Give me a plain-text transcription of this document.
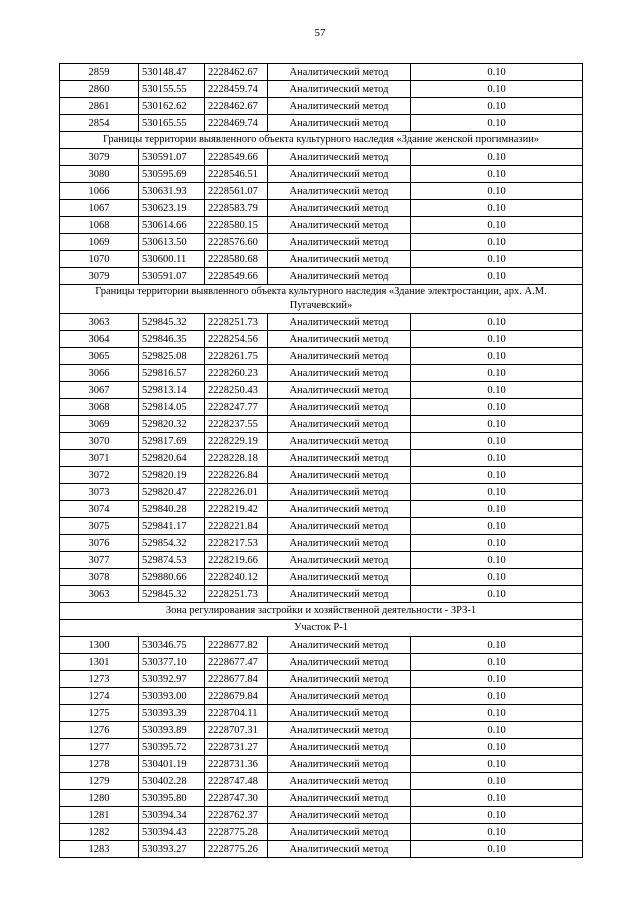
57
2859	530148.47	2228462.67	Аналитический метод	0.10
2860	530155.55	2228459.74	Аналитический метод	0.10
2861	530162.62	2228462.67	Аналитический метод	0.10
2854	530165.55	2228469.74	Аналитический метод	0.10
Границы территории выявленного объекта культурного наследия «Здание женской прогимназии»				
3079	530591.07	2228549.66	Аналитический метод	0.10
3080	530595.69	2228546.51	Аналитический метод	0.10
1066	530631.93	2228561.07	Аналитический метод	0.10
1067	530623.19	2228583.79	Аналитический метод	0.10
1068	530614.66	2228580.15	Аналитический метод	0.10
1069	530613.50	2228576.60	Аналитический метод	0.10
1070	530600.11	2228580.68	Аналитический метод	0.10
3079	530591.07	2228549.66	Аналитический метод	0.10
Границы территории выявленного объекта культурного наследия «Здание электростанции, арх. А.М. Пугачевский»				
3063	529845.32	2228251.73	Аналитический метод	0.10
3064	529846.35	2228254.56	Аналитический метод	0.10
3065	529825.08	2228261.75	Аналитический метод	0.10
3066	529816.57	2228260.23	Аналитический метод	0.10
3067	529813.14	2228250.43	Аналитический метод	0.10
3068	529814.05	2228247.77	Аналитический метод	0.10
3069	529820.32	2228237.55	Аналитический метод	0.10
3070	529817.69	2228229.19	Аналитический метод	0.10
3071	529820.64	2228228.18	Аналитический метод	0.10
3072	529820.19	2228226.84	Аналитический метод	0.10
3073	529820.47	2228226.01	Аналитический метод	0.10
3074	529840.28	2228219.42	Аналитический метод	0.10
3075	529841.17	2228221.84	Аналитический метод	0.10
3076	529854.32	2228217.53	Аналитический метод	0.10
3077	529874.53	2228219.66	Аналитический метод	0.10
3078	529880.66	2228240.12	Аналитический метод	0.10
3063	529845.32	2228251.73	Аналитический метод	0.10
Зона регулирования застройки и хозяйственной деятельности - ЗРЗ-1				
Участок Р-1				
1300	530346.75	2228677.82	Аналитический метод	0.10
1301	530377.10	2228677.47	Аналитический метод	0.10
1273	530392.97	2228677.84	Аналитический метод	0.10
1274	530393.00	2228679.84	Аналитический метод	0.10
1275	530393.39	2228704.11	Аналитический метод	0.10
1276	530393.89	2228707.31	Аналитический метод	0.10
1277	530395.72	2228731.27	Аналитический метод	0.10
1278	530401.19	2228731.36	Аналитический метод	0.10
1279	530402.28	2228747.48	Аналитический метод	0.10
1280	530395.80	2228747.30	Аналитический метод	0.10
1281	530394.34	2228762.37	Аналитический метод	0.10
1282	530394.43	2228775.28	Аналитический метод	0.10
1283	530393.27	2228775.26	Аналитический метод	0.10
